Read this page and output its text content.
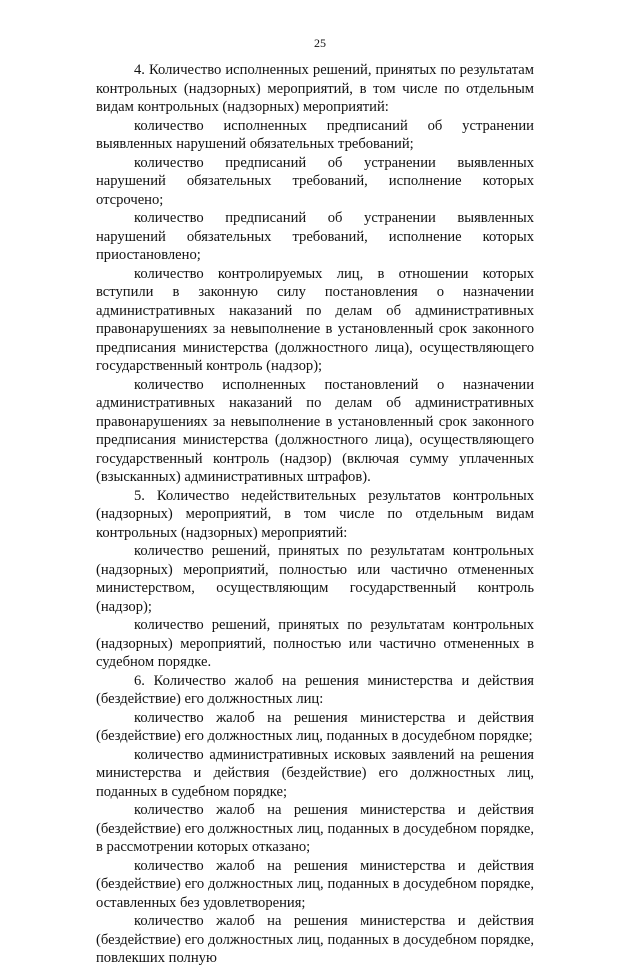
25

4. Количество исполненных решений, принятых по результатам контрольных (надзорных) мероприятий, в том числе по отдельным видам контрольных (надзорных) мероприятий:

количество исполненных предписаний об устранении выявленных нарушений обязательных требований;

количество предписаний об устранении выявленных нарушений обязательных требований, исполнение которых отсрочено;

количество предписаний об устранении выявленных нарушений обязательных требований, исполнение которых приостановлено;

количество контролируемых лиц, в отношении которых вступили в законную силу постановления о назначении административных наказаний по делам об административных правонарушениях за невыполнение в установленный срок законного предписания министерства (должностного лица), осуществляющего государственный контроль (надзор);

количество исполненных постановлений о назначении административных наказаний по делам об административных правонарушениях за невыполнение в установленный срок законного предписания министерства (должностного лица), осуществляющего государственный контроль (надзор) (включая сумму уплаченных (взысканных) административных штрафов).

5. Количество недействительных результатов контрольных (надзорных) мероприятий, в том числе по отдельным видам контрольных (надзорных) мероприятий:

количество решений, принятых по результатам контрольных (надзорных) мероприятий, полностью или частично отмененных министерством, осуществляющим государственный контроль (надзор);

количество решений, принятых по результатам контрольных (надзорных) мероприятий, полностью или частично отмененных в судебном порядке.

6. Количество жалоб на решения министерства и действия (бездействие) его должностных лиц:

количество жалоб на решения министерства и действия (бездействие) его должностных лиц, поданных в досудебном порядке;

количество административных исковых заявлений на решения министерства и действия (бездействие) его должностных лиц, поданных в судебном порядке;

количество жалоб на решения министерства и действия (бездействие) его должностных лиц, поданных в досудебном порядке, в рассмотрении которых отказано;

количество жалоб на решения министерства и действия (бездействие) его должностных лиц, поданных в досудебном порядке, оставленных без удовлетворения;

количество жалоб на решения министерства и действия (бездействие) его должностных лиц, поданных в досудебном порядке, повлекших полную
